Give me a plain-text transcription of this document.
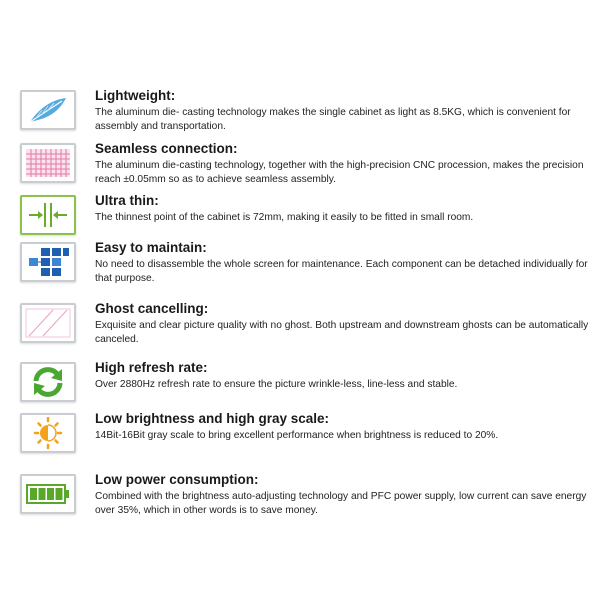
Lightweight:
The aluminum die- casting technology makes the single cabinet as light as 8.5KG, which is convenient for assembly and transportation.
Seamless connection:
The aluminum die-casting technology, together with the high-precision CNC procession, makes the precision reach ±0.05mm so as to achieve seamless assembly.
Ultra thin:
The thinnest point of the cabinet is 72mm, making it easily to be fitted in small room.
Easy to maintain:
No need to disassemble the whole screen for maintenance. Each component can be detached individually for that purpose.
Ghost cancelling:
Exquisite and clear picture quality with no ghost. Both upstream and downstream ghosts can be automatically canceled.
High refresh rate:
Over 2880Hz refresh rate to ensure the picture wrinkle-less, line-less and stable.
Low brightness and high gray scale:
14Bit-16Bit gray scale to bring excellent performance when brightness is reduced to 20%.
Low power consumption:
Combined with the brightness auto-adjusting technology and PFC power supply, low current can save energy over 35%, which in other words is to save money.
